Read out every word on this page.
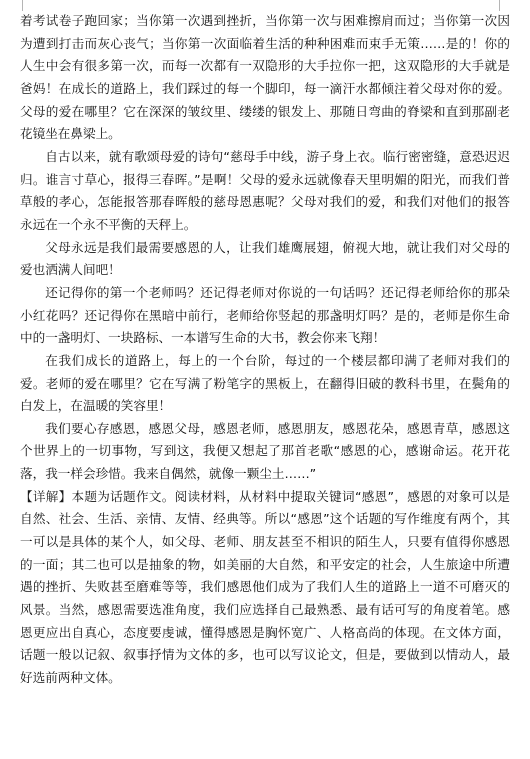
着考试卷子跑回家；当你第一次遇到挫折，当你第一次与困难擦肩而过；当你第一次因为遭到打击而灰心丧气；当你第一次面临着生活的种种困难而束手无策……是的！你的人生中会有很多第一次，而每一次都有一双隐形的大手拉你一把，这双隐形的大手就是爸妈！在成长的道路上，我们踩过的每一个脚印，每一滴汗水都倾注着父母对你的爱。父母的爱在哪里？它在深深的皱纹里、缕缕的银发上、那随日弯曲的脊梁和直到那副老花镜坐在鼻梁上。

自古以来，就有歌颂母爱的诗句“慈母手中线，游子身上衣。临行密密缝，意恐迟迟归。谁言寸草心，报得三春晖。”是啊！父母的爱永远就像春天里明媚的阳光，而我们普草般的孝心，怎能报答那春晖般的慈母恩惠呢？父母对我们的爱，和我们对他们的报答永远在一个永不平衡的天秤上。

父母永远是我们最需要感恩的人，让我们雄鹰展翅，俯视大地，就让我们对父母的爱也洒满人间吧！

还记得你的第一个老师吗？还记得老师对你说的一句话吗？还记得老师给你的那朵小红花吗？还记得你在黑暗中前行，老师给你竖起的那盏明灯吗？是的，老师是你生命中的一盏明灯、一块路标、一本谱写生命的大书，教会你来飞翔！

在我们成长的道路上，每上的一个台阶，每过的一个楼层都印满了老师对我们的爱。老师的爱在哪里？它在写满了粉笔字的黑板上，在翻得旧破的教科书里，在鬓角的白发上，在温暖的笑容里！

我们要心存感恩，感恩父母，感恩老师，感恩朋友，感恩花朵，感恩青草，感恩这个世界上的一切事物，写到这，我便又想起了那首老歌“感恩的心，感谢命运。花开花落，我一样会珍惜。我来自偶然，就像一颗尘土……”

【详解】本题为话题作文。阅读材料，从材料中提取关键词“感恩”，感恩的对象可以是自然、社会、生活、亲情、友情、经典等。所以“感恩”这个话题的写作维度有两个，其一可以是具体的某个人，如父母、老师、朋友甚至不相识的陌生人，只要有值得你感恩的一面；其二也可以是抽象的物，如美丽的大自然，和平安定的社会，人生旅途中所遭遇的挫折、失败甚至磨难等等，我们感恩他们成为了我们人生的道路上一道不可磨灭的风景。当然，感恩需要选准角度，我们应选择自己最熟悉、最有话可写的角度着笔。感恩更应出自真心，态度要虔诚，懂得感恩是胸怀宽广、人格高尚的体现。在文体方面，话题一般以记叙、叙事抒情为文体的多，也可以写议论文，但是，要做到以情动人，最好选前两种文体。
